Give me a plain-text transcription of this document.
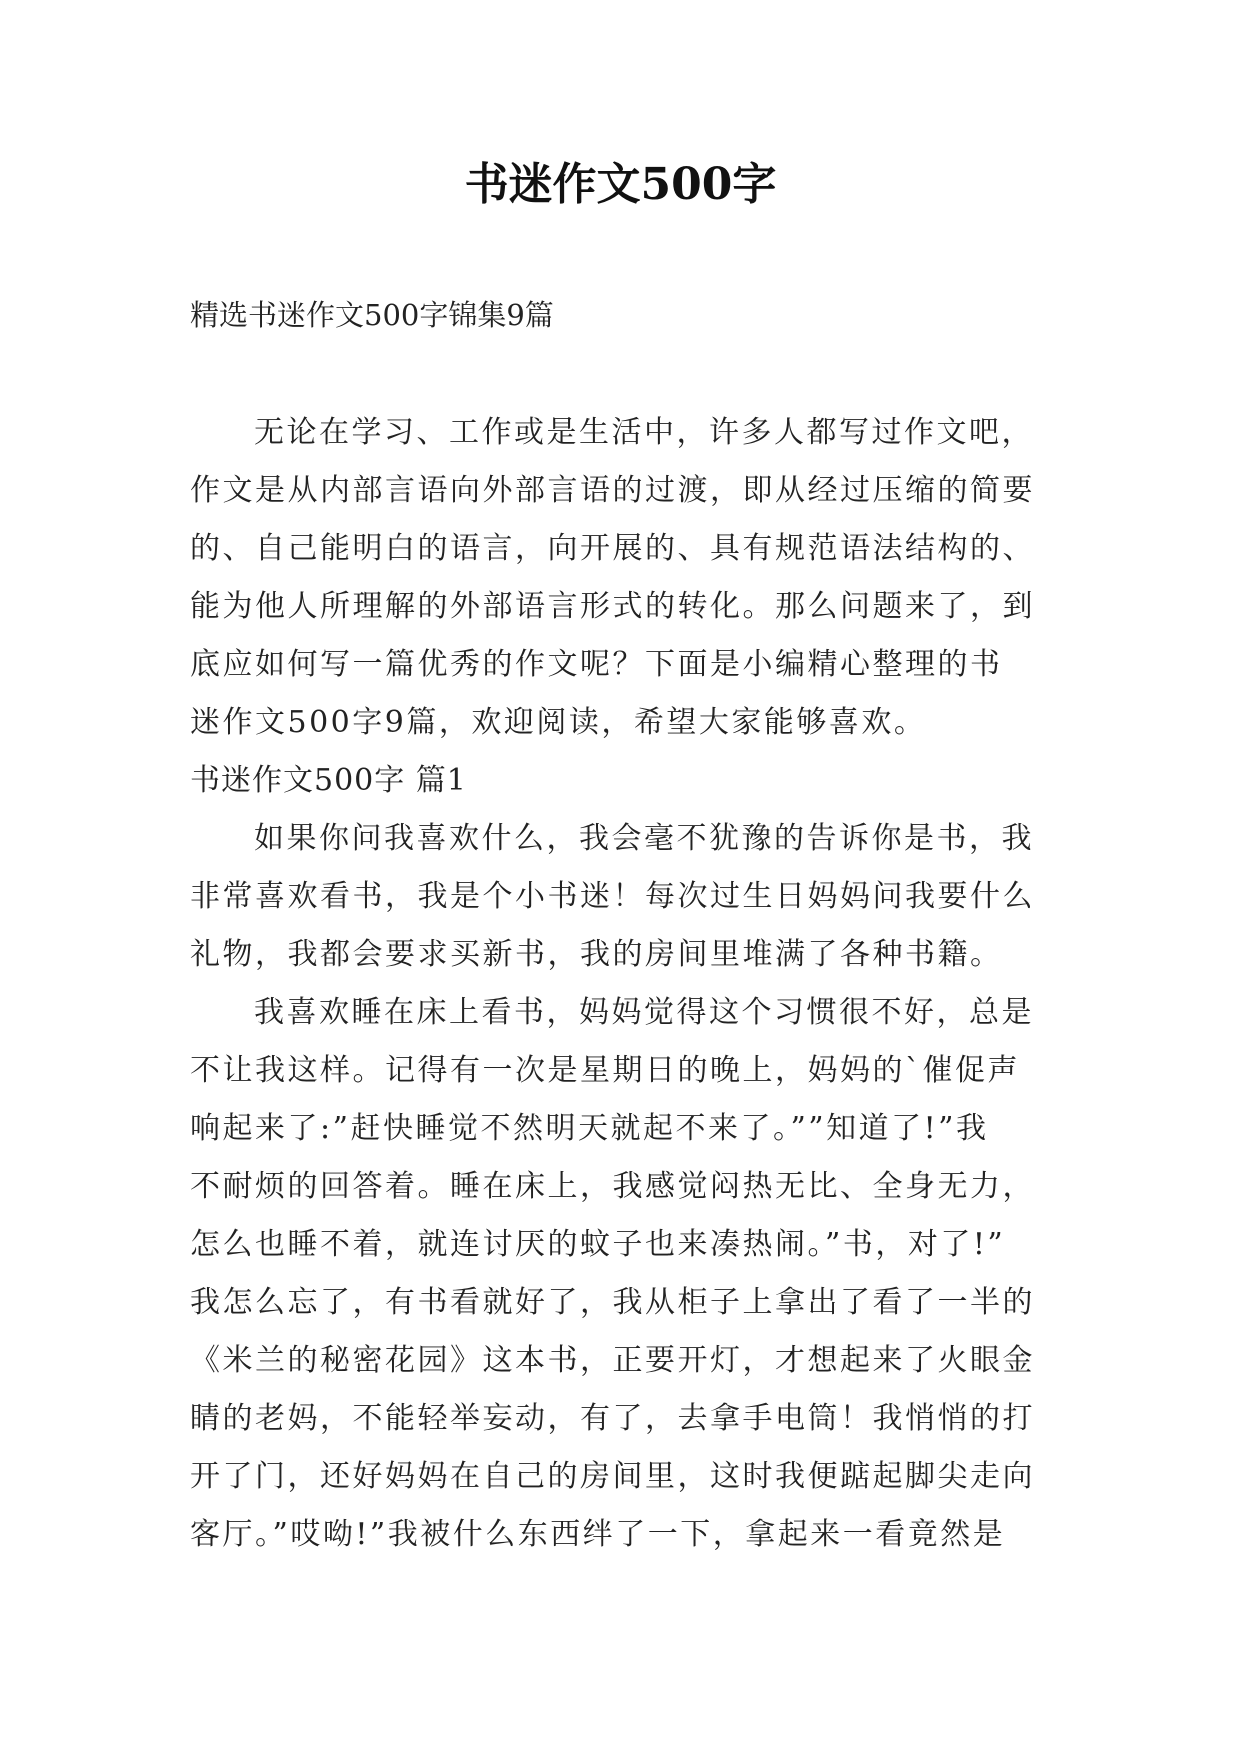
书迷作文500字
精选书迷作文500字锦集9篇
无论在学习、工作或是生活中，许多人都写过作文吧，
作文是从内部言语向外部言语的过渡，即从经过压缩的简要
的、自己能明白的语言，向开展的、具有规范语法结构的、
能为他人所理解的外部语言形式的转化。那么问题来了，到
底应如何写一篇优秀的作文呢？下面是小编精心整理的书
迷作文500字9篇，欢迎阅读，希望大家能够喜欢。
书迷作文500字 篇1
如果你问我喜欢什么，我会毫不犹豫的告诉你是书，我
非常喜欢看书，我是个小书迷！每次过生日妈妈问我要什么
礼物，我都会要求买新书，我的房间里堆满了各种书籍。
我喜欢睡在床上看书，妈妈觉得这个习惯很不好，总是
不让我这样。记得有一次是星期日的晚上，妈妈的`催促声
响起来了:”赶快睡觉不然明天就起不来了。””知道了!”我
不耐烦的回答着。睡在床上，我感觉闷热无比、全身无力，
怎么也睡不着，就连讨厌的蚊子也来凑热闹。”书，对了!”
我怎么忘了，有书看就好了，我从柜子上拿出了看了一半的
《米兰的秘密花园》这本书，正要开灯，才想起来了火眼金
睛的老妈，不能轻举妄动，有了，去拿手电筒！我悄悄的打
开了门，还好妈妈在自己的房间里，这时我便踮起脚尖走向
客厅。”哎呦!”我被什么东西绊了一下，拿起来一看竟然是
